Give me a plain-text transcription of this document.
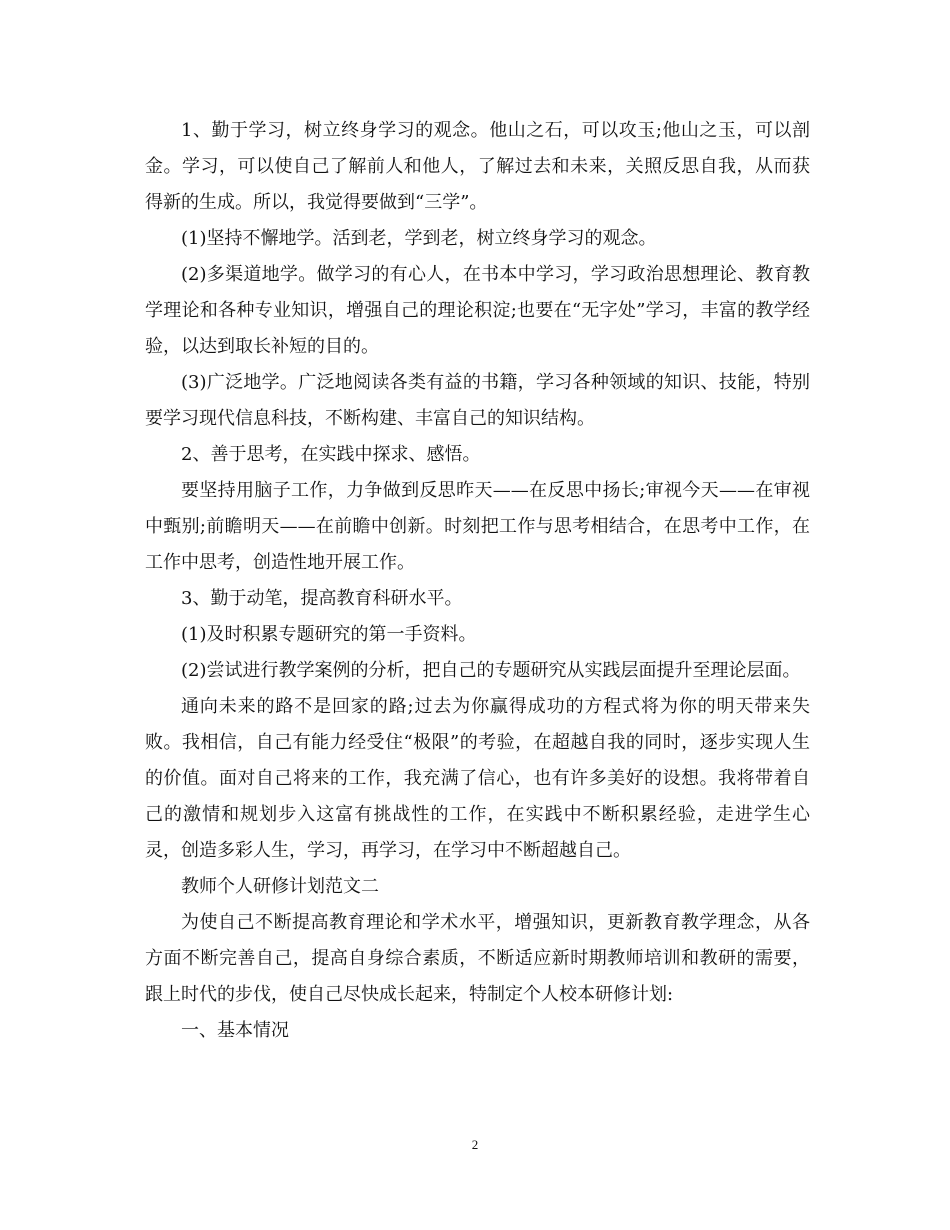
1、勤于学习，树立终身学习的观念。他山之石，可以攻玉;他山之玉，可以剖金。学习，可以使自己了解前人和他人，了解过去和未来，关照反思自我，从而获得新的生成。所以，我觉得要做到“三学”。

(1)坚持不懈地学。活到老，学到老，树立终身学习的观念。

(2)多渠道地学。做学习的有心人，在书本中学习，学习政治思想理论、教育教学理论和各种专业知识，增强自己的理论积淀;也要在“无字处”学习，丰富的教学经验，以达到取长补短的目的。

(3)广泛地学。广泛地阅读各类有益的书籍，学习各种领域的知识、技能，特别要学习现代信息科技，不断构建、丰富自己的知识结构。

2、善于思考，在实践中探求、感悟。

要坚持用脑子工作，力争做到反思昨天——在反思中扬长;审视今天——在审视中甄别;前瞻明天——在前瞻中创新。时刻把工作与思考相结合，在思考中工作，在工作中思考，创造性地开展工作。

3、勤于动笔，提高教育科研水平。

(1)及时积累专题研究的第一手资料。

(2)尝试进行教学案例的分析，把自己的专题研究从实践层面提升至理论层面。

通向未来的路不是回家的路;过去为你赢得成功的方程式将为你的明天带来失败。我相信，自己有能力经受住“极限”的考验，在超越自我的同时，逐步实现人生的价值。面对自己将来的工作，我充满了信心，也有许多美好的设想。我将带着自己的激情和规划步入这富有挑战性的工作，在实践中不断积累经验，走进学生心灵，创造多彩人生，学习，再学习，在学习中不断超越自己。

教师个人研修计划范文二

为使自己不断提高教育理论和学术水平，增强知识，更新教育教学理念，从各方面不断完善自己，提高自身综合素质，不断适应新时期教师培训和教研的需要，跟上时代的步伐，使自己尽快成长起来，特制定个人校本研修计划:

一、基本情况

2
